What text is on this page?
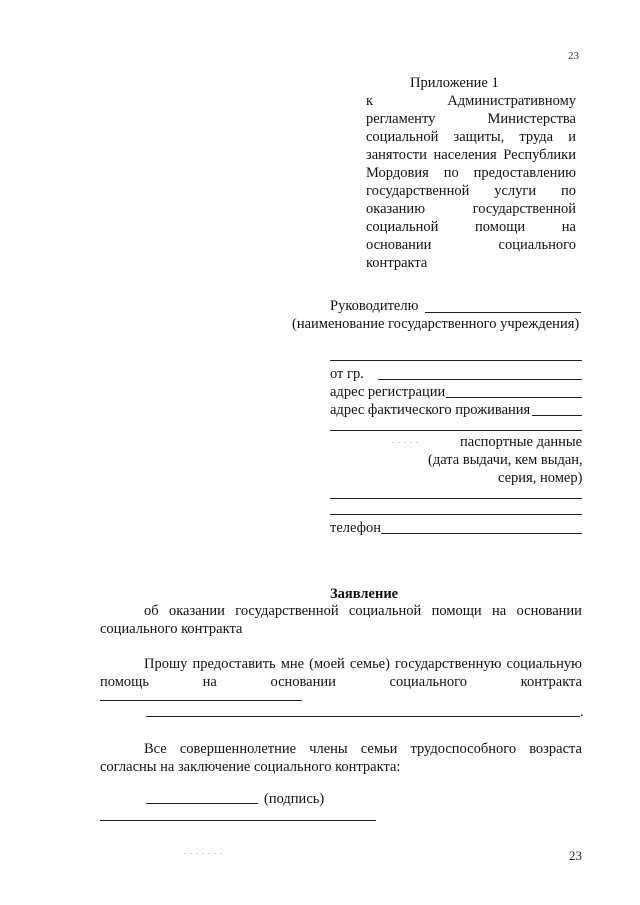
23
Приложение 1
к	Административному
регламенту	Министерства
социальной защиты, труда и
занятости населения Республики
Мордовия по предоставлению
государственной услуги по
оказанию	государственной
социальной	помощи	на
основании	социального
контракта
Руководителю
(наименование государственного учреждения)
от гр.
адрес регистрации
адрес фактического проживания
. . . . .	паспортные данные
(дата выдачи, кем выдан,
серия, номер)
телефон
Заявление
об оказании государственной социальной помощи на основании
социального контракта
Прошу предоставить мне (моей семье) государственную социальную
помощь	на	основании	социального	контракта
.
Все совершеннолетние члены семьи трудоспособного возраста
согласны на заключение социального контракта:
(подпись)
. . . . . . .	23
